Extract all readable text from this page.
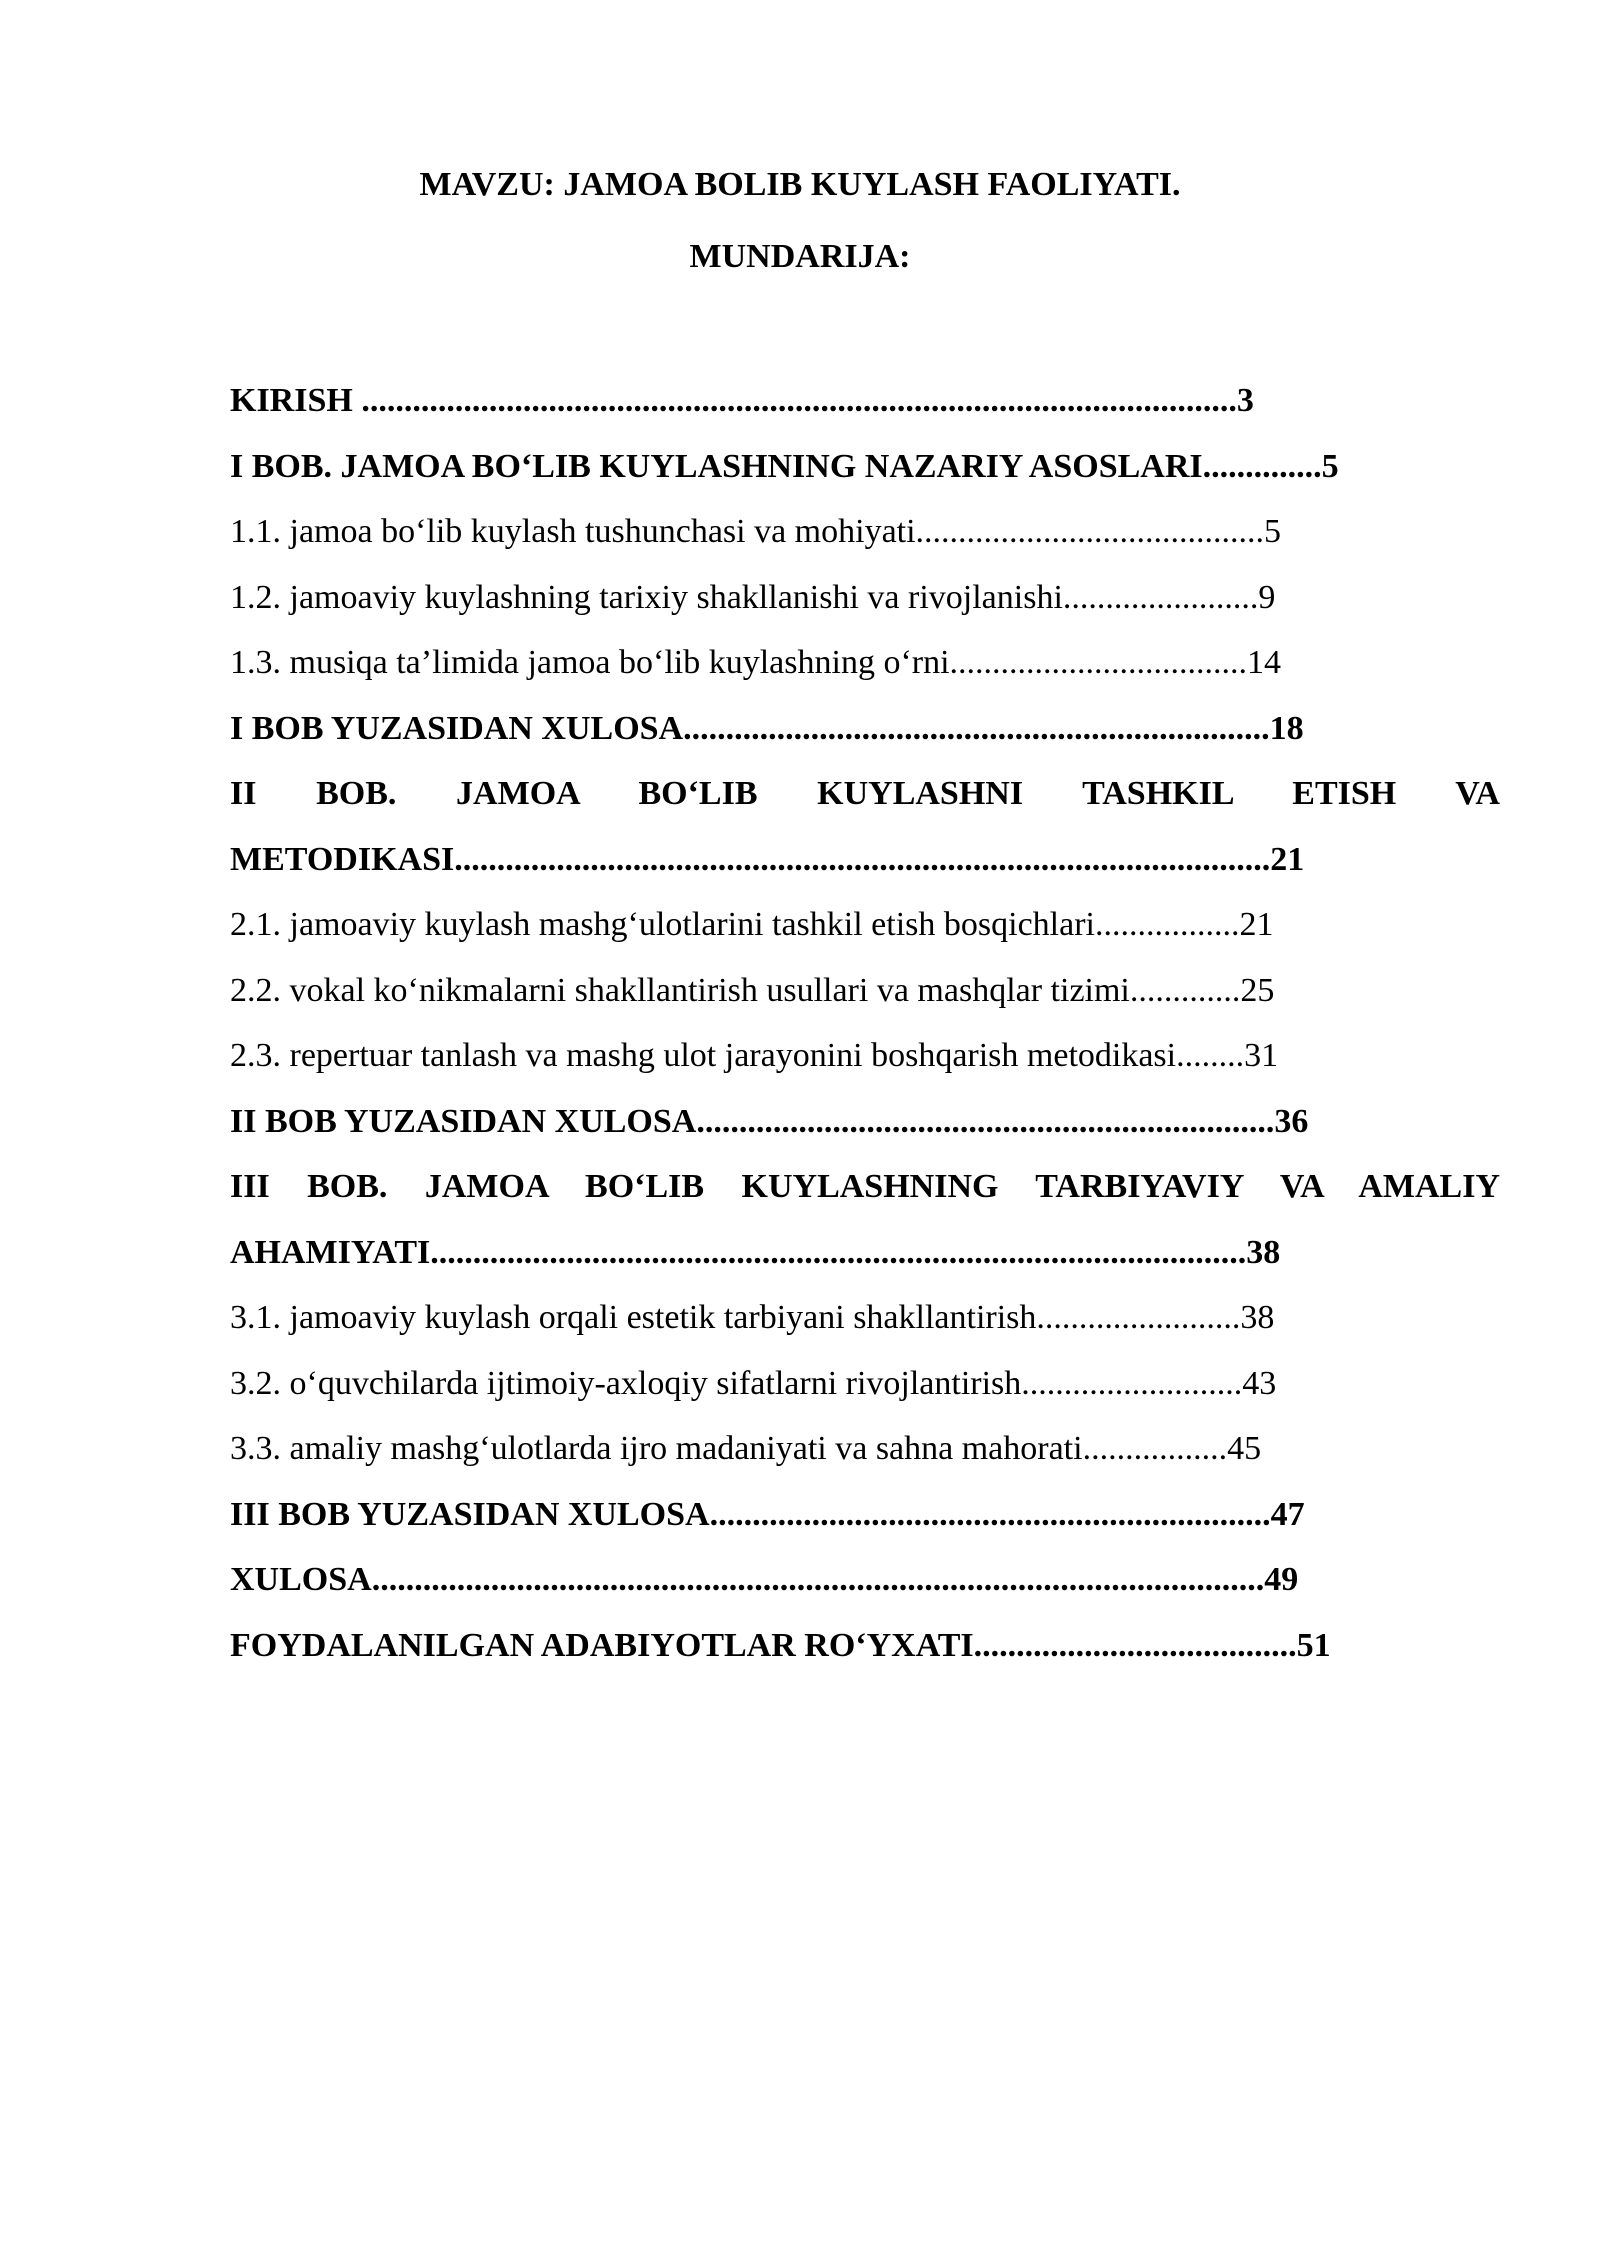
MAVZU: JAMOA BOLIB KUYLASH FAOLIYATI.
MUNDARIJA:
KIRISH .......................................................................................................3
I BOB. JAMOA BO‘LIB KUYLASHNING NAZARIY ASOSLARI..............5
1.1. jamoa bo‘lib kuylash tushunchasi va mohiyati.........................................5
1.2. jamoaviy kuylashning tarixiy shakllanishi va rivojlanishi.......................9
1.3. musiqa ta’limida jamoa bo‘lib kuylashning o‘rni...................................14
I BOB YUZASIDAN XULOSA.....................................................................18
II BOB. JAMOA BO‘LIB KUYLASHNI TASHKIL ETISH VA
METODIKASI................................................................................................21
2.1. jamoaviy kuylash mashg‘ulotlarini tashkil etish bosqichlari.................21
2.2. vokal ko‘nikmalarni shakllantirish usullari va mashqlar tizimi.............25
2.3. repertuar tanlash va mashg ulot jarayonini boshqarish metodikasi........31
II BOB YUZASIDAN XULOSA....................................................................36
III BOB. JAMOA BO‘LIB KUYLASHNING TARBIYAVIY VA AMALIY
AHAMIYATI................................................................................................38
3.1. jamoaviy kuylash orqali estetik tarbiyani shakllantirish........................38
3.2. o‘quvchilarda ijtimoiy-axloqiy sifatlarni rivojlantirish..........................43
3.3. amaliy mashg‘ulotlarda ijro madaniyati va sahna mahorati.................45
III BOB YUZASIDAN XULOSA..................................................................47
XULOSA.........................................................................................................49
FOYDALANILGAN ADABIYOTLAR RO‘YXATI......................................51
